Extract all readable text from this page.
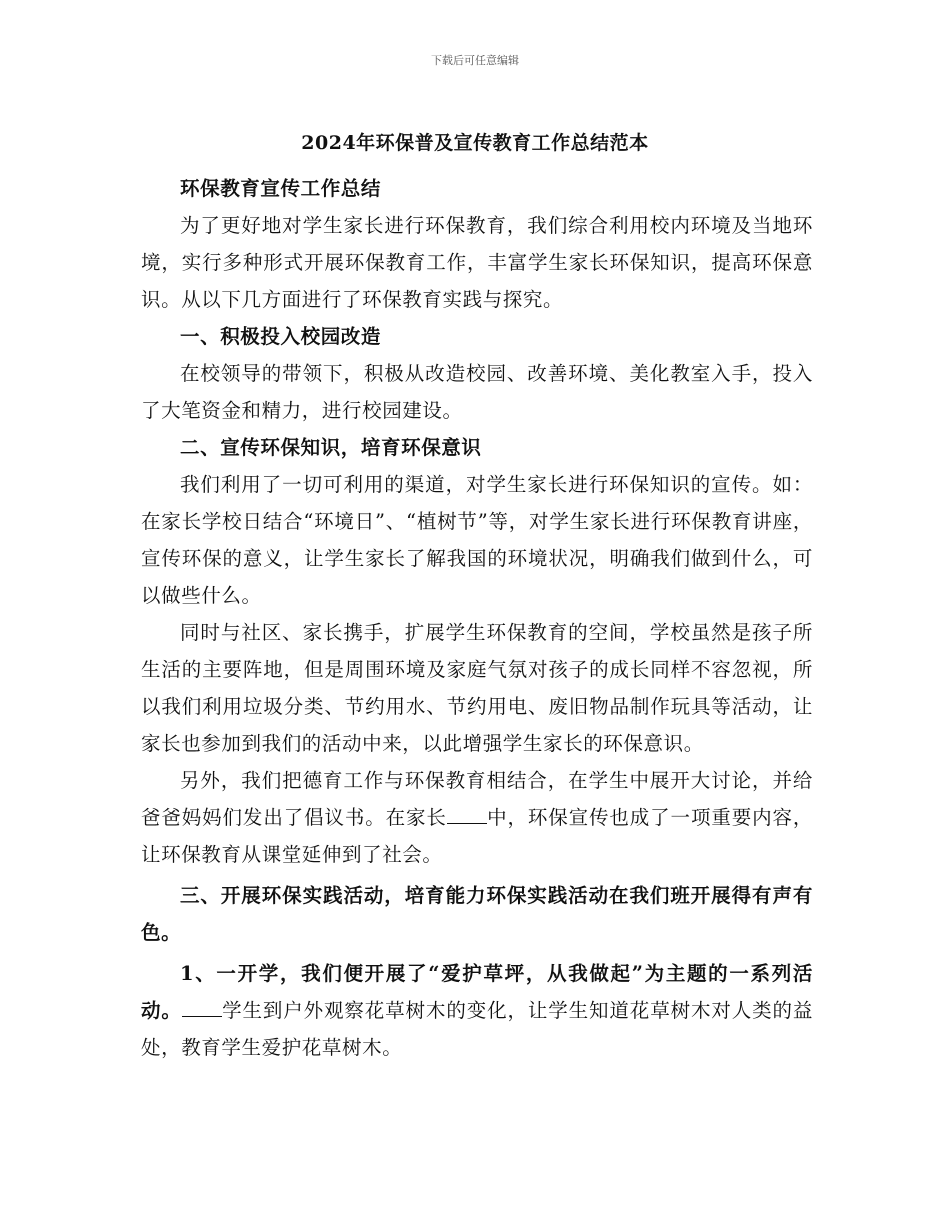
下载后可任意编辑
2024年环保普及宣传教育工作总结范本

环保教育宣传工作总结

为了更好地对学生家长进行环保教育，我们综合利用校内环境及当地环境，实行多种形式开展环保教育工作，丰富学生家长环保知识，提高环保意识。从以下几方面进行了环保教育实践与探究。

一、积极投入校园改造

在校领导的带领下，积极从改造校园、改善环境、美化教室入手，投入了大笔资金和精力，进行校园建设。

二、宣传环保知识，培育环保意识

我们利用了一切可利用的渠道，对学生家长进行环保知识的宣传。如：在家长学校日结合“环境日”、“植树节”等，对学生家长进行环保教育讲座，宣传环保的意义，让学生家长了解我国的环境状况，明确我们做到什么，可以做些什么。

同时与社区、家长携手，扩展学生环保教育的空间，学校虽然是孩子所生活的主要阵地，但是周围环境及家庭气氛对孩子的成长同样不容忽视，所以我们利用垃圾分类、节约用水、节约用电、废旧物品制作玩具等活动，让家长也参加到我们的活动中来，以此增强学生家长的环保意识。

另外，我们把德育工作与环保教育相结合，在学生中展开大讨论，并给爸爸妈妈们发出了倡议书。在家长 中，环保宣传也成了一项重要内容，让环保教育从课堂延伸到了社会。

三、开展环保实践活动，培育能力环保实践活动在我们班开展得有声有色。

1、一开学，我们便开展了“爱护草坪，从我做起”为主题的一系列活动。 学生到户外观察花草树木的变化，让学生知道花草树木对人类的益处，教育学生爱护花草树木。
